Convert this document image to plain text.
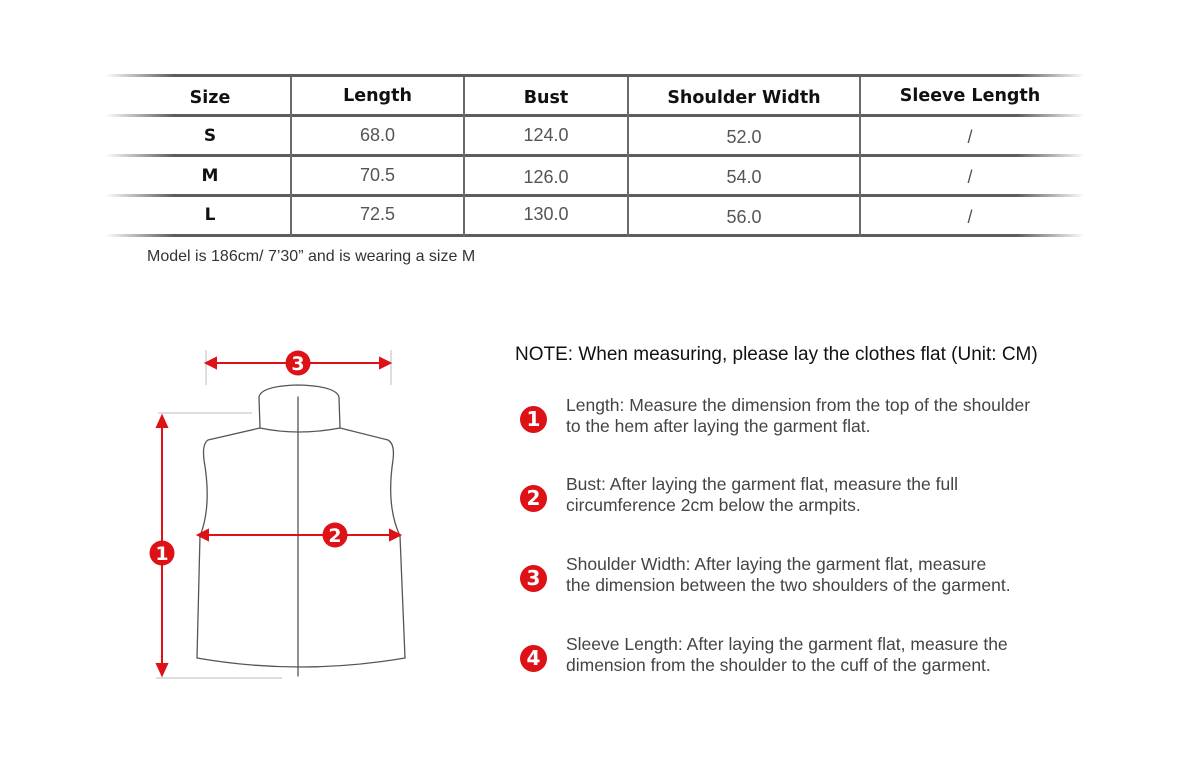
Size	Length	Bust	Shoulder Width	Sleeve Length
S	68.0	124.0	52.0	/
M	70.5	126.0	54.0	/
L	72.5	130.0	56.0	/
Model is 186cm/ 7’30” and is wearing a size M
3
2
1
NOTE: When measuring, please lay the clothes flat (Unit: CM)
1
Length: Measure the dimension from the top of the shoulder
to the hem after laying the garment flat.
2
Bust: After laying the garment flat, measure the full
circumference 2cm below the armpits.
3
Shoulder Width: After laying the garment flat, measure
the dimension between the two shoulders of the garment.
4
Sleeve Length: After laying the garment flat, measure the
dimension from the shoulder to the cuff of the garment.
